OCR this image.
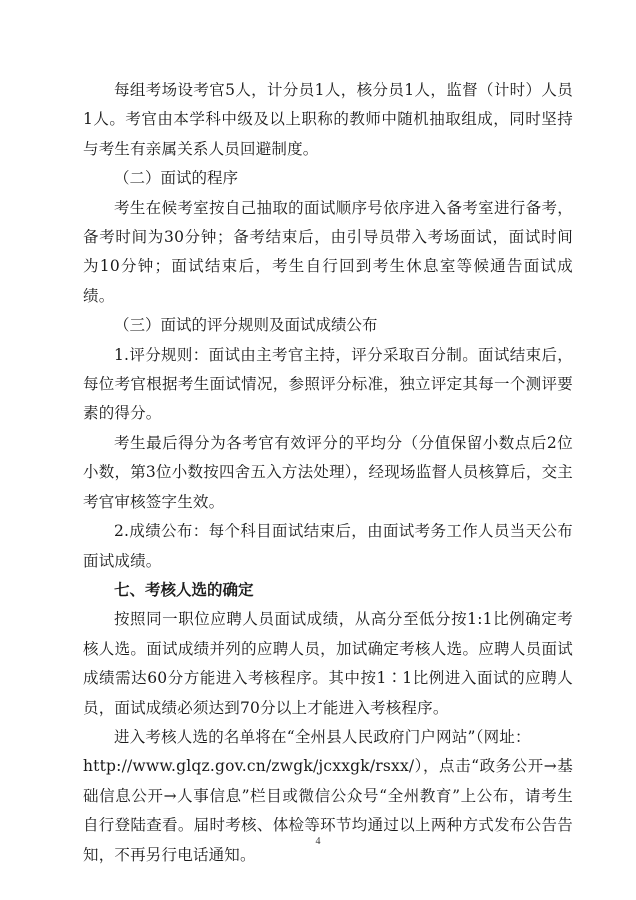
每组考场设考官5人，计分员1人，核分员1人，监督（计时）人员1人。考官由本学科中级及以上职称的教师中随机抽取组成，同时坚持与考生有亲属关系人员回避制度。

（二）面试的程序

考生在候考室按自己抽取的面试顺序号依序进入备考室进行备考，备考时间为30分钟；备考结束后，由引导员带入考场面试，面试时间为10分钟；面试结束后，考生自行回到考生休息室等候通告面试成绩。

（三）面试的评分规则及面试成绩公布

1.评分规则：面试由主考官主持，评分采取百分制。面试结束后，每位考官根据考生面试情况，参照评分标准，独立评定其每一个测评要素的得分。

考生最后得分为各考官有效评分的平均分（分值保留小数点后2位小数，第3位小数按四舍五入方法处理），经现场监督人员核算后，交主考官审核签字生效。

2.成绩公布：每个科目面试结束后，由面试考务工作人员当天公布面试成绩。

七、考核人选的确定

按照同一职位应聘人员面试成绩，从高分至低分按1:1比例确定考核人选。面试成绩并列的应聘人员，加试确定考核人选。应聘人员面试成绩需达60分方能进入考核程序。其中按1∶1比例进入面试的应聘人员，面试成绩必须达到70分以上才能进入考核程序。

进入考核人选的名单将在“全州县人民政府门户网站”（网址：

http://www.glqz.gov.cn/zwgk/jcxxgk/rsxx/），点击“政务公开→基础信息公开→人事信息”栏目或微信公众号“全州教育”上公布，请考生自行登陆查看。届时考核、体检等环节均通过以上两种方式发布公告告知，不再另行电话通知。

4
